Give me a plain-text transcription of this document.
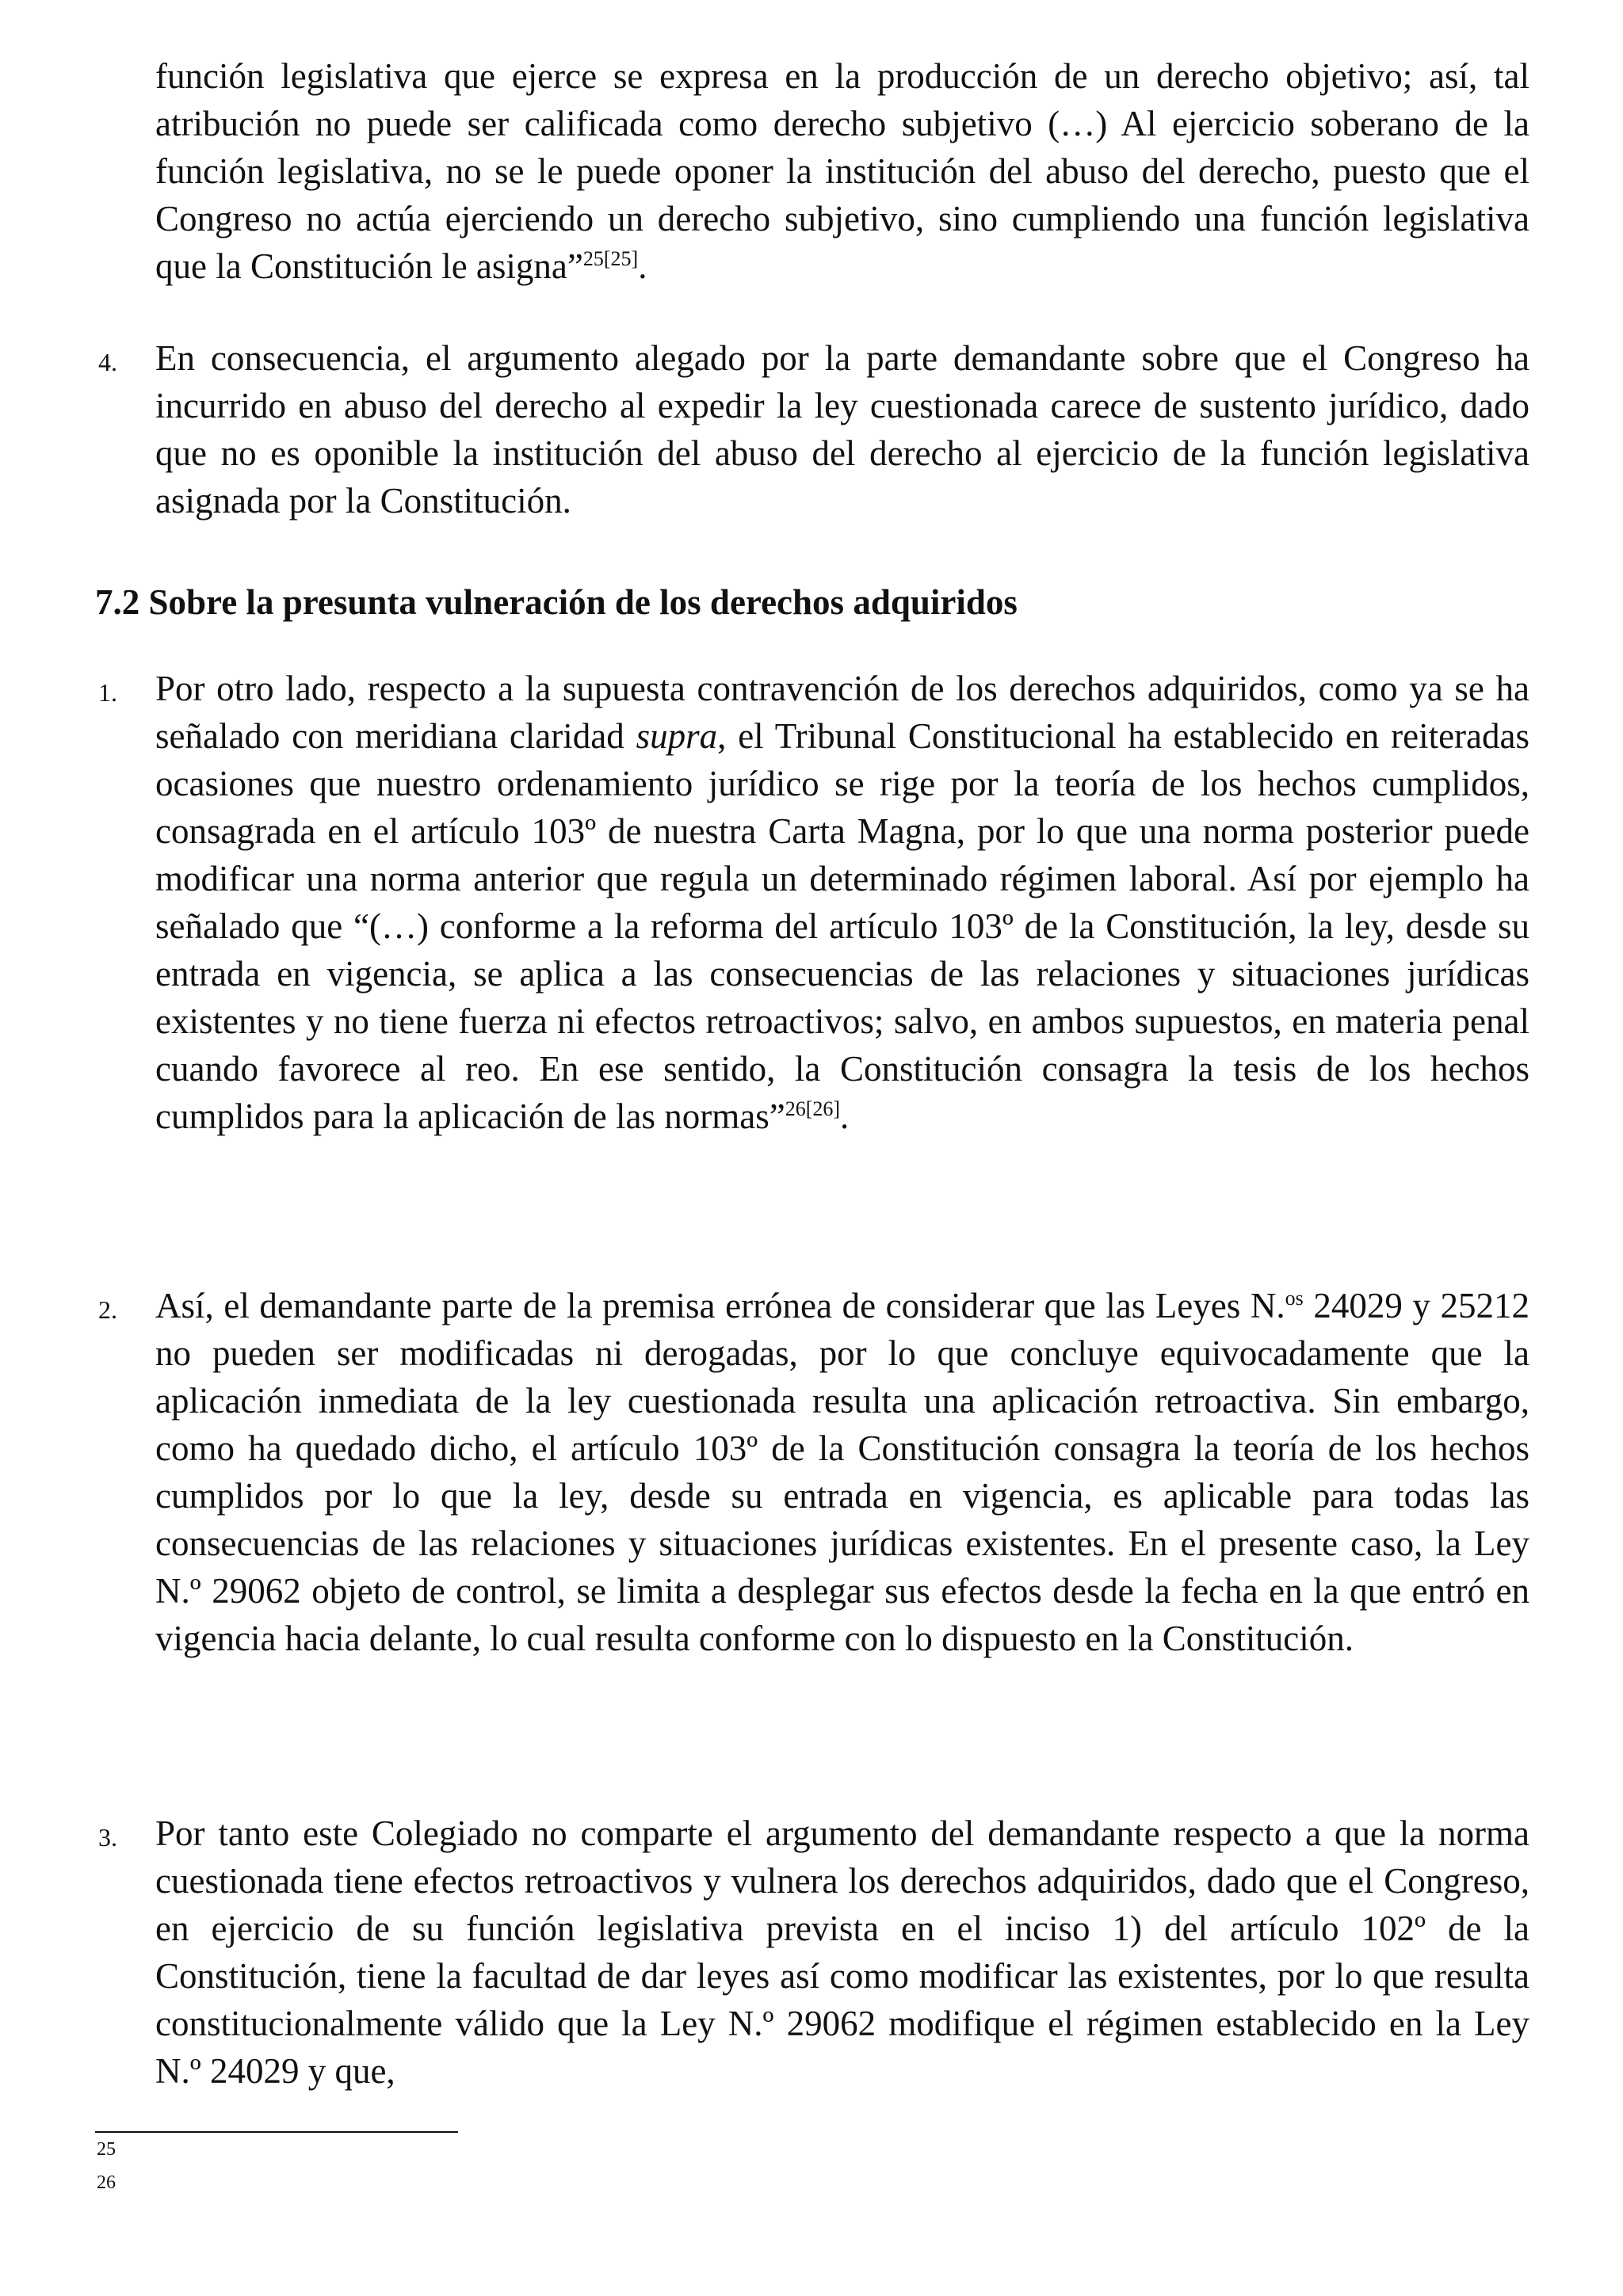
función legislativa que ejerce se expresa en la producción de un derecho objetivo; así, tal atribución no puede ser calificada como derecho subjetivo (…) Al ejercicio soberano de la función legislativa, no se le puede oponer la institución del abuso del derecho, puesto que el Congreso no actúa ejerciendo un derecho subjetivo, sino cumpliendo una función legislativa que la Constitución le asigna”$^{25[25]}$.

4. En consecuencia, el argumento alegado por la parte demandante sobre que el Congreso ha incurrido en abuso del derecho al expedir la ley cuestionada carece de sustento jurídico, dado que no es oponible la institución del abuso del derecho al ejercicio de la función legislativa asignada por la Constitución.

7.2 Sobre la presunta vulneración de los derechos adquiridos

1. Por otro lado, respecto a la supuesta contravención de los derechos adquiridos, como ya se ha señalado con meridiana claridad supra, el Tribunal Constitucional ha establecido en reiteradas ocasiones que nuestro ordenamiento jurídico se rige por la teoría de los hechos cumplidos, consagrada en el artículo 103º de nuestra Carta Magna, por lo que una norma posterior puede modificar una norma anterior que regula un determinado régimen laboral. Así por ejemplo ha señalado que “(…) conforme a la reforma del artículo 103º de la Constitución, la ley, desde su entrada en vigencia, se aplica a las consecuencias de las relaciones y situaciones jurídicas existentes y no tiene fuerza ni efectos retroactivos; salvo, en ambos supuestos, en materia penal cuando favorece al reo. En ese sentido, la Constitución consagra la tesis de los hechos cumplidos para la aplicación de las normas”$^{26[26]}$.

2. Así, el demandante parte de la premisa errónea de considerar que las Leyes N.$^{os}$ 24029 y 25212 no pueden ser modificadas ni derogadas, por lo que concluye equivocadamente que la aplicación inmediata de la ley cuestionada resulta una aplicación retroactiva. Sin embargo, como ha quedado dicho, el artículo 103º de la Constitución consagra la teoría de los hechos cumplidos por lo que la ley, desde su entrada en vigencia, es aplicable para todas las consecuencias de las relaciones y situaciones jurídicas existentes. En el presente caso, la Ley N.º 29062 objeto de control, se limita a desplegar sus efectos desde la fecha en la que entró en vigencia hacia delante, lo cual resulta conforme con lo dispuesto en la Constitución.

3. Por tanto este Colegiado no comparte el argumento del demandante respecto a que la norma cuestionada tiene efectos retroactivos y vulnera los derechos adquiridos, dado que el Congreso, en ejercicio de su función legislativa prevista en el inciso 1) del artículo 102º de la Constitución, tiene la facultad de dar leyes así como modificar las existentes, por lo que resulta constitucionalmente válido que la Ley N.º 29062 modifique el régimen establecido en la Ley N.º 24029 y que,

25

26
